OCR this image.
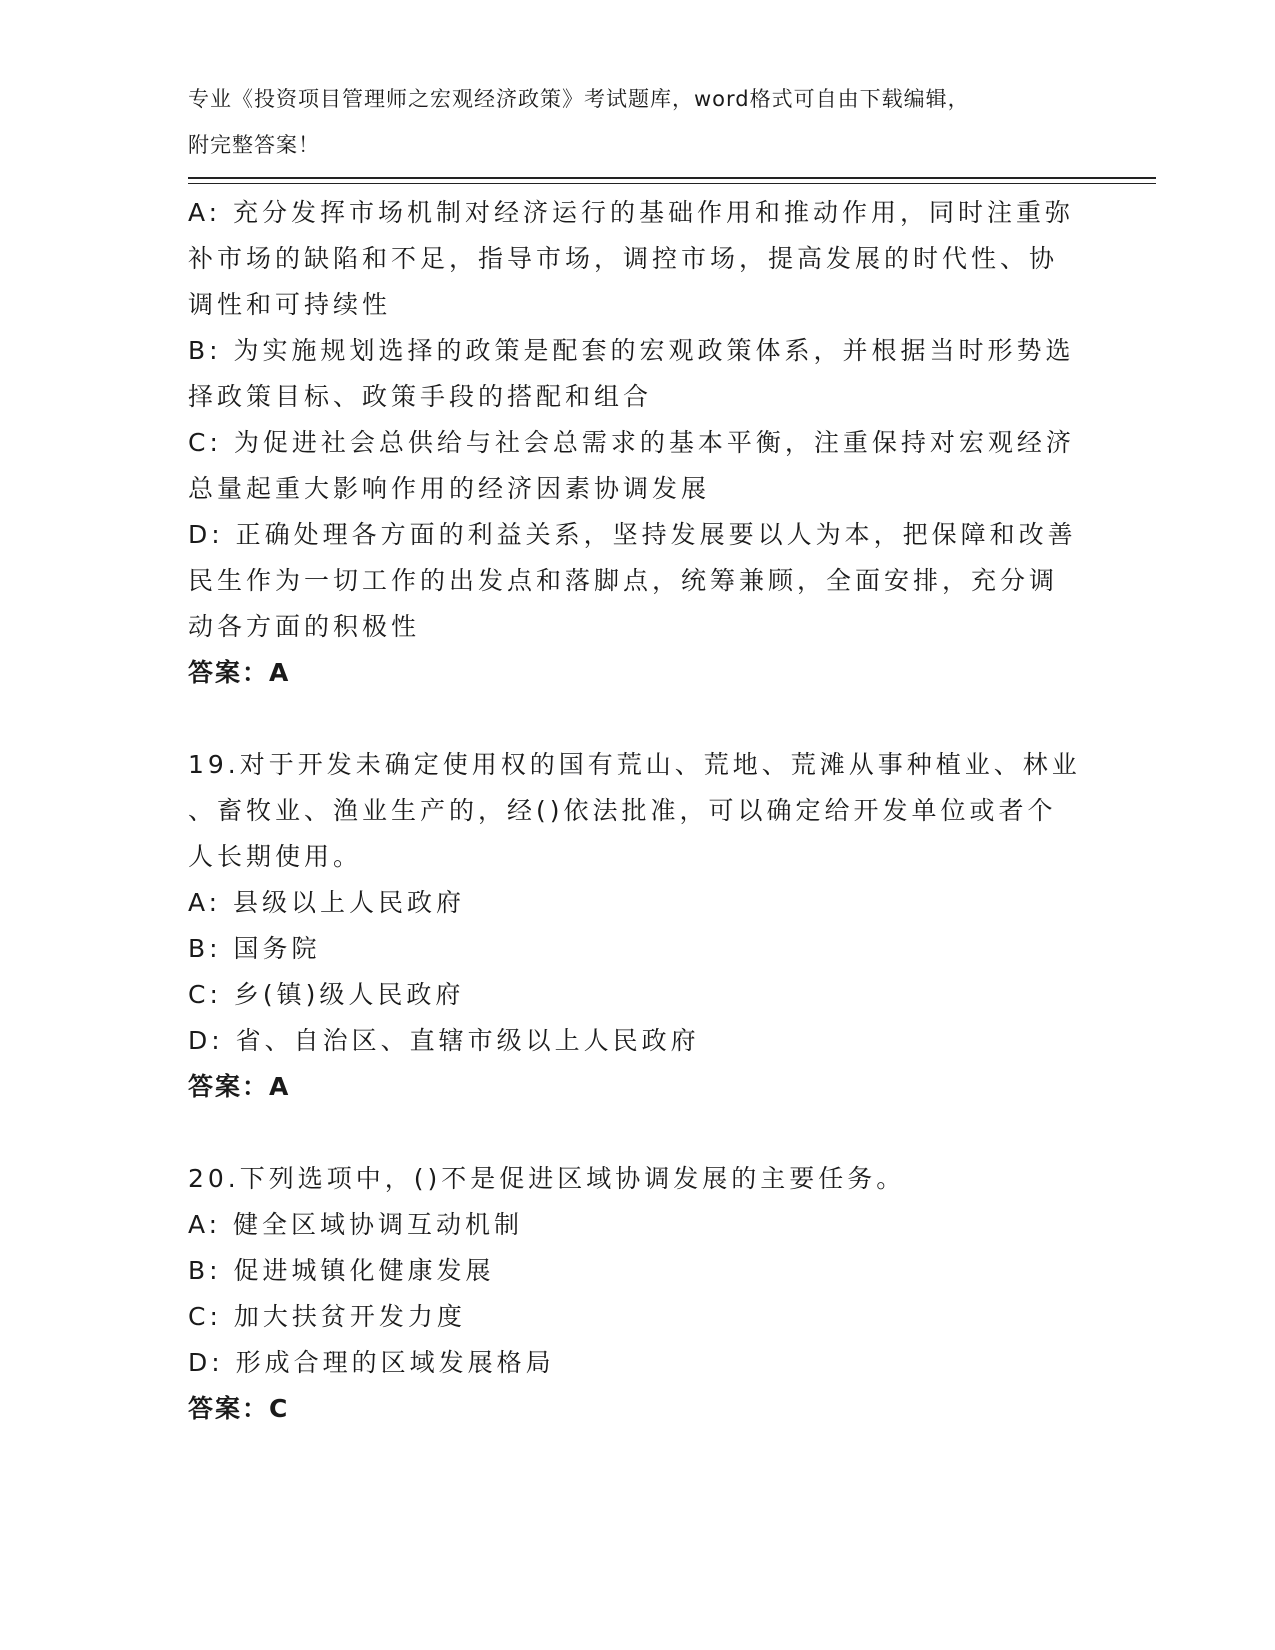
专业《投资项目管理师之宏观经济政策》考试题库，word格式可自由下载编辑，
附完整答案！
A: 充分发挥市场机制对经济运行的基础作用和推动作用，同时注重弥
补市场的缺陷和不足，指导市场，调控市场，提高发展的时代性、协
调性和可持续性
B: 为实施规划选择的政策是配套的宏观政策体系，并根据当时形势选
择政策目标、政策手段的搭配和组合
C: 为促进社会总供给与社会总需求的基本平衡，注重保持对宏观经济
总量起重大影响作用的经济因素协调发展
D: 正确处理各方面的利益关系，坚持发展要以人为本，把保障和改善
民生作为一切工作的出发点和落脚点，统筹兼顾，全面安排，充分调
动各方面的积极性
答案：A
19.对于开发未确定使用权的国有荒山、荒地、荒滩从事种植业、林业
、畜牧业、渔业生产的，经()依法批准，可以确定给开发单位或者个
人长期使用。
A: 县级以上人民政府
B: 国务院
C: 乡(镇)级人民政府
D: 省、自治区、直辖市级以上人民政府
答案：A
20.下列选项中，()不是促进区域协调发展的主要任务。
A: 健全区域协调互动机制
B: 促进城镇化健康发展
C: 加大扶贫开发力度
D: 形成合理的区域发展格局
答案：C
